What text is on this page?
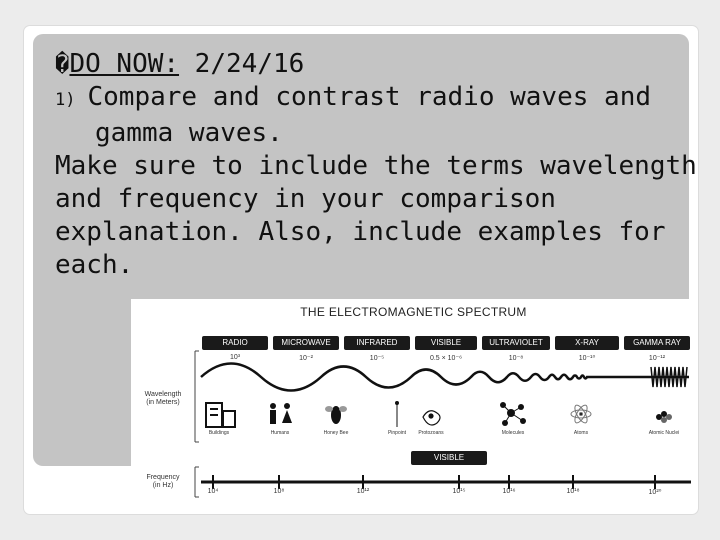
�DO NOW: 2/24/16
1) Compare and contrast radio waves and
gamma waves.
Make sure to include the terms wavelength
and frequency in your comparison
explanation. Also, include examples for
each.
THE ELECTROMAGNETIC SPECTRUM
RADIO	MICROWAVE	INFRARED	VISIBLE	ULTRAVIOLET	X-RAY	GAMMA RAY
10³	10⁻²	10⁻⁵	0.5 × 10⁻⁶	10⁻⁸	10⁻¹⁰	10⁻¹²
Wavelength
(in Meters)
Buildings	Humans	Honey Bee	Pinpoint	Protozoans	Molecules	Atoms	Atomic Nuclei
VISIBLE
Frequency
(in Hz)
10⁴	10⁸	10¹²	10¹⁵	10¹⁶	10¹⁸	10²⁰
